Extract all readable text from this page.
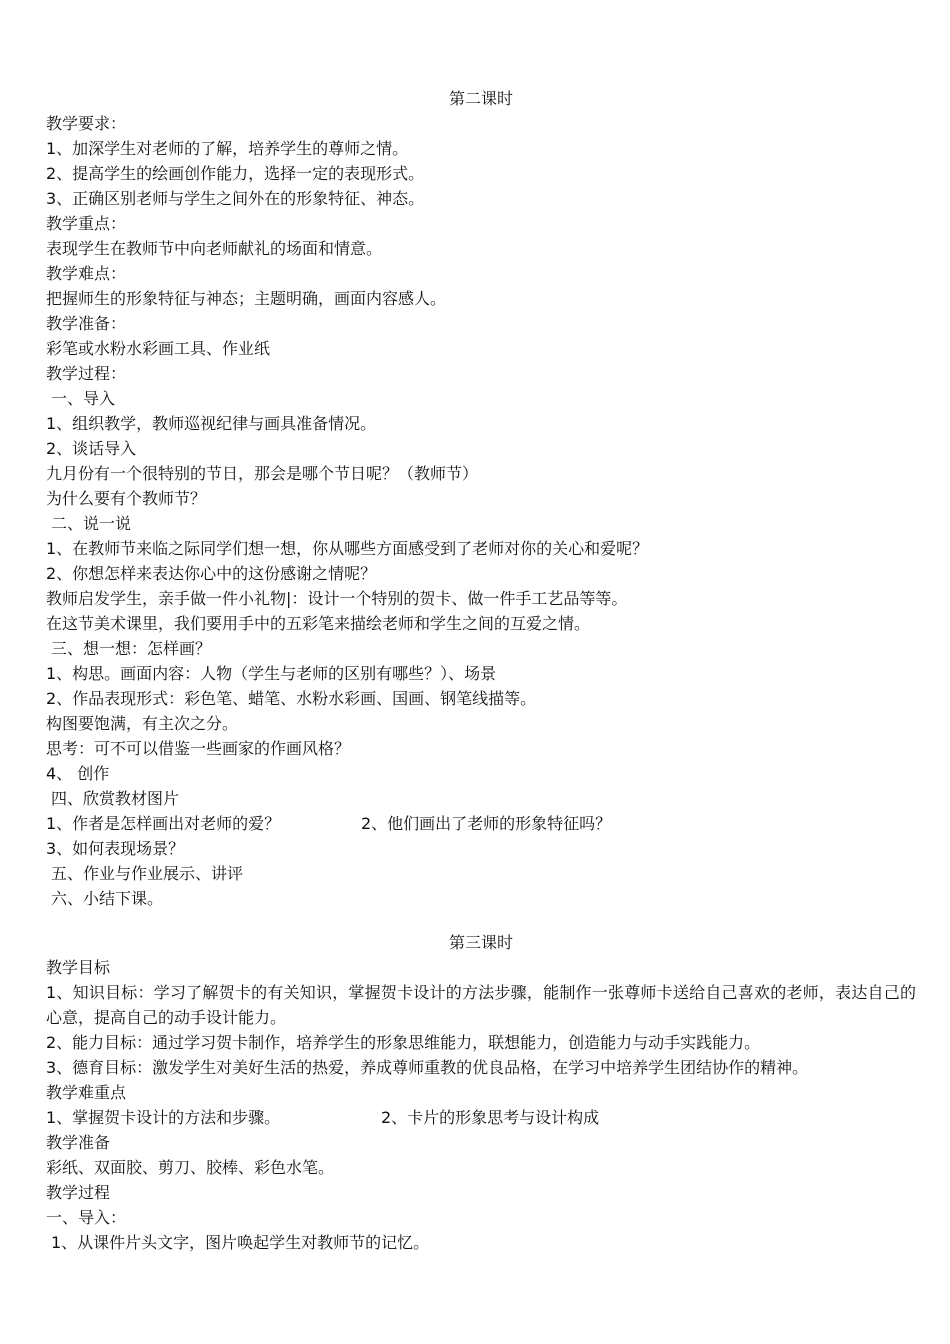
第二课时
教学要求：
1、加深学生对老师的了解，培养学生的尊师之情。
2、提高学生的绘画创作能力，选择一定的表现形式。
3、正确区别老师与学生之间外在的形象特征、神态。
教学重点：
表现学生在教师节中向老师献礼的场面和情意。
教学难点：
把握师生的形象特征与神态；主题明确，画面内容感人。
教学准备：
彩笔或水粉水彩画工具、作业纸
教学过程：
一、导入
1、组织教学，教师巡视纪律与画具准备情况。
2、谈话导入
九月份有一个很特别的节日，那会是哪个节日呢？（教师节）
为什么要有个教师节？
二、说一说
1、在教师节来临之际同学们想一想，你从哪些方面感受到了老师对你的关心和爱呢？
2、你想怎样来表达你心中的这份感谢之情呢？
教师启发学生，亲手做一件小礼物|：设计一个特别的贺卡、做一件手工艺品等等。
在这节美术课里，我们要用手中的五彩笔来描绘老师和学生之间的互爱之情。
三、想一想：怎样画？
1、构思。画面内容：人物（学生与老师的区别有哪些？）、场景
2、作品表现形式：彩色笔、蜡笔、水粉水彩画、国画、钢笔线描等。
构图要饱满，有主次之分。
思考：可不可以借鉴一些画家的作画风格？
4、 创作
四、欣赏教材图片
1、作者是怎样画出对老师的爱？	2、他们画出了老师的形象特征吗？
3、如何表现场景？
五、作业与作业展示、讲评
六、小结下课。
第三课时
教学目标
1、知识目标：学习了解贺卡的有关知识，掌握贺卡设计的方法步骤，能制作一张尊师卡送给自己喜欢的老师，表达自己的心意，提高自己的动手设计能力。
2、能力目标：通过学习贺卡制作，培养学生的形象思维能力，联想能力，创造能力与动手实践能力。
3、德育目标：激发学生对美好生活的热爱，养成尊师重教的优良品格，在学习中培养学生团结协作的精神。
教学难重点
1、掌握贺卡设计的方法和步骤。	2、卡片的形象思考与设计构成
教学准备
彩纸、双面胶、剪刀、胶棒、彩色水笔。
教学过程
一、导入：
1、从课件片头文字，图片唤起学生对教师节的记忆。
